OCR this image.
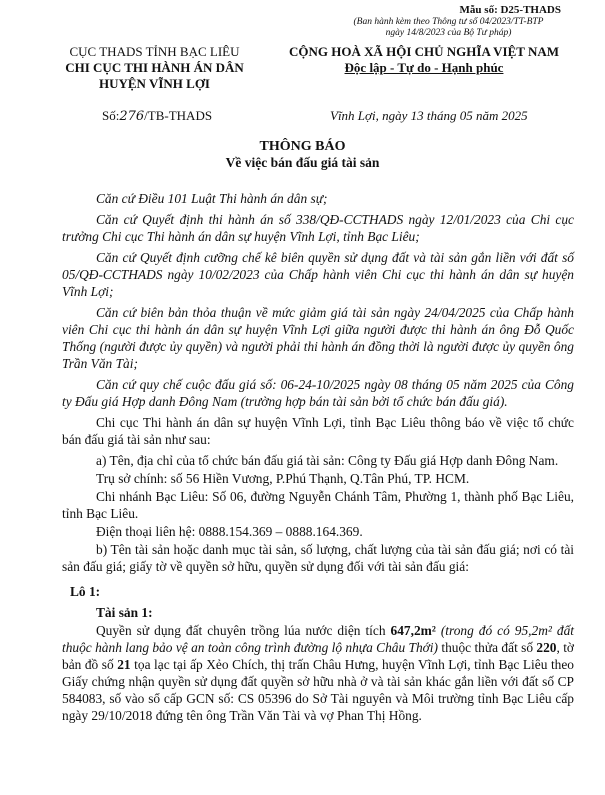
Mẫu số: D25-THADS
(Ban hành kèm theo Thông tư số 04/2023/TT-BTP
ngày 14/8/2023 của Bộ Tư pháp)
CỤC THADS TỈNH BẠC LIÊU
CHI CỤC THI HÀNH ÁN DÂN
HUYỆN VĨNH LỢI
CỘNG HOÀ XÃ HỘI CHỦ NGHĨA VIỆT NAM
Độc lập - Tự do - Hạnh phúc
Số:276/TB-THADS	Vĩnh Lợi, ngày 13 tháng 05 năm 2025
THÔNG BÁO
Về việc bán đấu giá tài sản

Căn cứ Điều 101 Luật Thi hành án dân sự;

Căn cứ Quyết định thi hành án số 338/QĐ-CCTHADS ngày 12/01/2023 của Chi cục trưởng Chi cục Thi hành án dân sự huyện Vĩnh Lợi, tỉnh Bạc Liêu;

Căn cứ Quyết định cưỡng chế kê biên quyền sử dụng đất và tài sản gắn liền với đất số 05/QĐ-CCTHADS ngày 10/02/2023 của Chấp hành viên Chi cục thi hành án dân sự huyện Vĩnh Lợi;

Căn cứ biên bản thỏa thuận về mức giảm giá tài sản ngày 24/04/2025 của Chấp hành viên Chi cục thi hành án dân sự huyện Vĩnh Lợi giữa người được thi hành án ông Đỗ Quốc Thống (người được ủy quyền) và người phải thi hành án đồng thời là người được ủy quyền ông Trần Văn Tài;

Căn cứ quy chế cuộc đấu giá số: 06-24-10/2025 ngày 08 tháng 05 năm 2025 của Công ty Đấu giá Hợp danh Đông Nam (trường hợp bán tài sản bởi tổ chức bán đấu giá).

Chi cục Thi hành án dân sự huyện Vĩnh Lợi, tỉnh Bạc Liêu thông báo về việc tổ chức bán đấu giá tài sản như sau:

a) Tên, địa chỉ của tổ chức bán đấu giá tài sản: Công ty Đấu giá Hợp danh Đông Nam.

Trụ sở chính: số 56 Hiền Vương, P.Phú Thạnh, Q.Tân Phú, TP. HCM.

Chi nhánh Bạc Liêu: Số 06, đường Nguyễn Chánh Tâm, Phường 1, thành phố Bạc Liêu, tỉnh Bạc Liêu.

Điện thoại liên hệ: 0888.154.369 – 0888.164.369.

b) Tên tài sản hoặc danh mục tài sản, số lượng, chất lượng của tài sản đấu giá; nơi có tài sản đấu giá; giấy tờ về quyền sở hữu, quyền sử dụng đối với tài sản đấu giá:

Lô 1:

Tài sản 1:

Quyền sử dụng đất chuyên trồng lúa nước diện tích 647,2m² (trong đó có 95,2m² đất thuộc hành lang bảo vệ an toàn công trình đường lộ nhựa Châu Thới) thuộc thửa đất số 220, tờ bản đồ số 21 tọa lạc tại ấp Xẻo Chích, thị trấn Châu Hưng, huyện Vĩnh Lợi, tỉnh Bạc Liêu theo Giấy chứng nhận quyền sử dụng đất quyền sở hữu nhà ở và tài sản khác gắn liền với đất số CP 584083, số vào sổ cấp GCN số: CS 05396 do Sở Tài nguyên và Môi trường tỉnh Bạc Liêu cấp ngày 29/10/2018 đứng tên ông Trần Văn Tài và vợ Phan Thị Hồng.
